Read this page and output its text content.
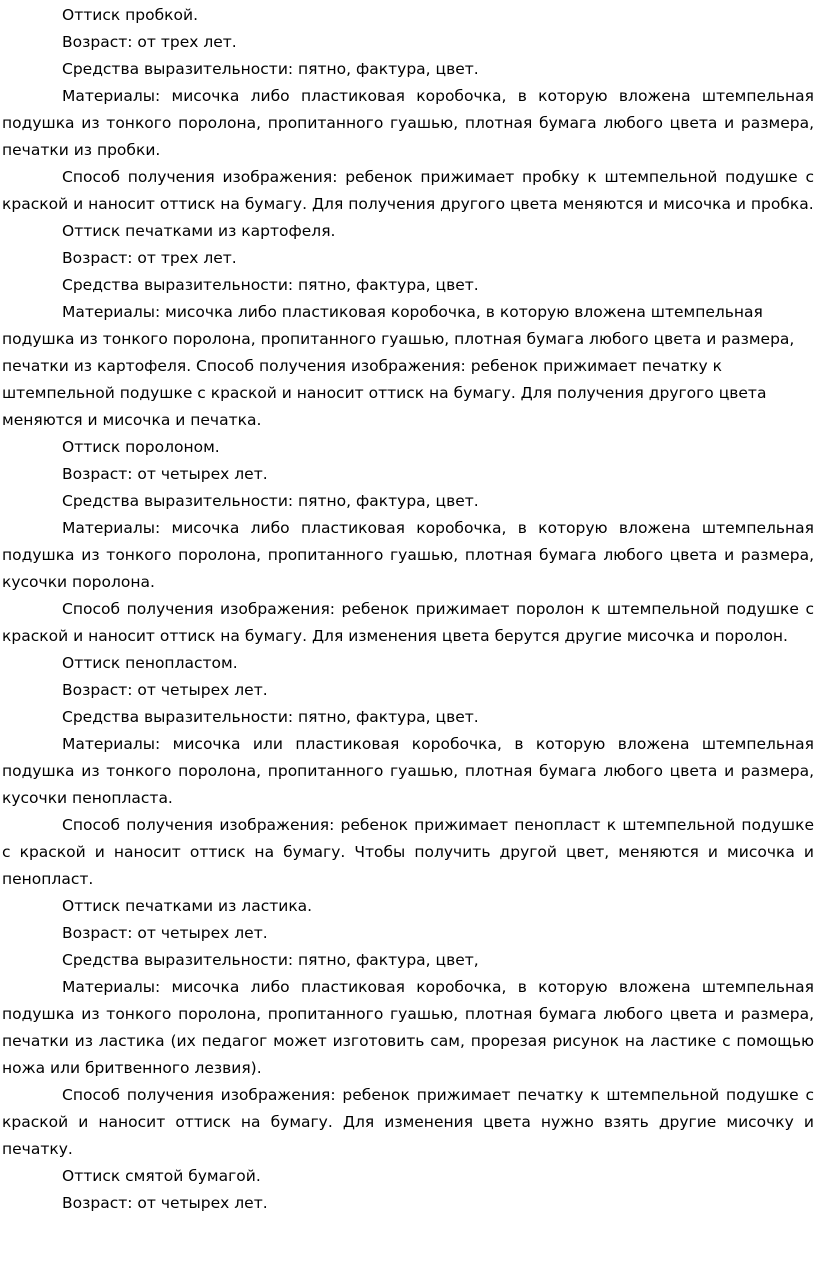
Оттиск пробкой.

Возраст: от трех лет.

Средства выразительности: пятно, фактура, цвет.

Материалы: мисочка либо пластиковая коробочка, в которую вложена штемпельная подушка из тонкого поролона, пропитанного гуашью, плотная бумага любого цвета и размера, печатки из пробки.

Способ получения изображения: ребенок прижимает пробку к штемпельной подушке с краской и наносит оттиск на бумагу. Для получения другого цвета меняются и мисочка и пробка.

Оттиск печатками из картофеля.

Возраст: от трех лет.

Средства выразительности: пятно, фактура, цвет.

Материалы: мисочка либо пластиковая коробочка, в которую вложена штемпельная подушка из тонкого поролона, пропитанного гуашью, плотная бумага любого цвета и размера, печатки из картофеля. Способ получения изображения: ребенок прижимает печатку к штемпельной подушке с краской и наносит оттиск на бумагу. Для получения другого цвета меняются и мисочка и печатка.

Оттиск поролоном.

Возраст: от четырех лет.

Средства выразительности: пятно, фактура, цвет.

Материалы: мисочка либо пластиковая коробочка, в которую вложена штемпельная подушка из тонкого поролона, пропитанного гуашью, плотная бумага любого цвета и размера, кусочки поролона.

Способ получения изображения: ребенок прижимает поролон к штемпельной подушке с краской и наносит оттиск на бумагу. Для изменения цвета берутся другие мисочка и поролон.

Оттиск пенопластом.

Возраст: от четырех лет.

Средства выразительности: пятно, фактура, цвет.

Материалы: мисочка или пластиковая коробочка, в которую вложена штемпельная подушка из тонкого поролона, пропитанного гуашью, плотная бумага любого цвета и размера, кусочки пенопласта.

Способ получения изображения: ребенок прижимает пенопласт к штемпельной подушке с краской и наносит оттиск на бумагу. Чтобы получить другой цвет, меняются и мисочка и пенопласт.

Оттиск печатками из ластика.

Возраст: от четырех лет.

Средства выразительности: пятно, фактура, цвет,

Материалы: мисочка либо пластиковая коробочка, в которую вложена штемпельная подушка из тонкого поролона, пропитанного гуашью, плотная бумага любого цвета и размера, печатки из ластика (их педагог может изготовить сам, прорезая рисунок на ластике с помощью ножа или бритвенного лезвия).

Способ получения изображения: ребенок прижимает печатку к штемпельной подушке с краской и наносит оттиск на бумагу. Для изменения цвета нужно взять другие мисочку и печатку.

Оттиск смятой бумагой.

Возраст: от четырех лет.
